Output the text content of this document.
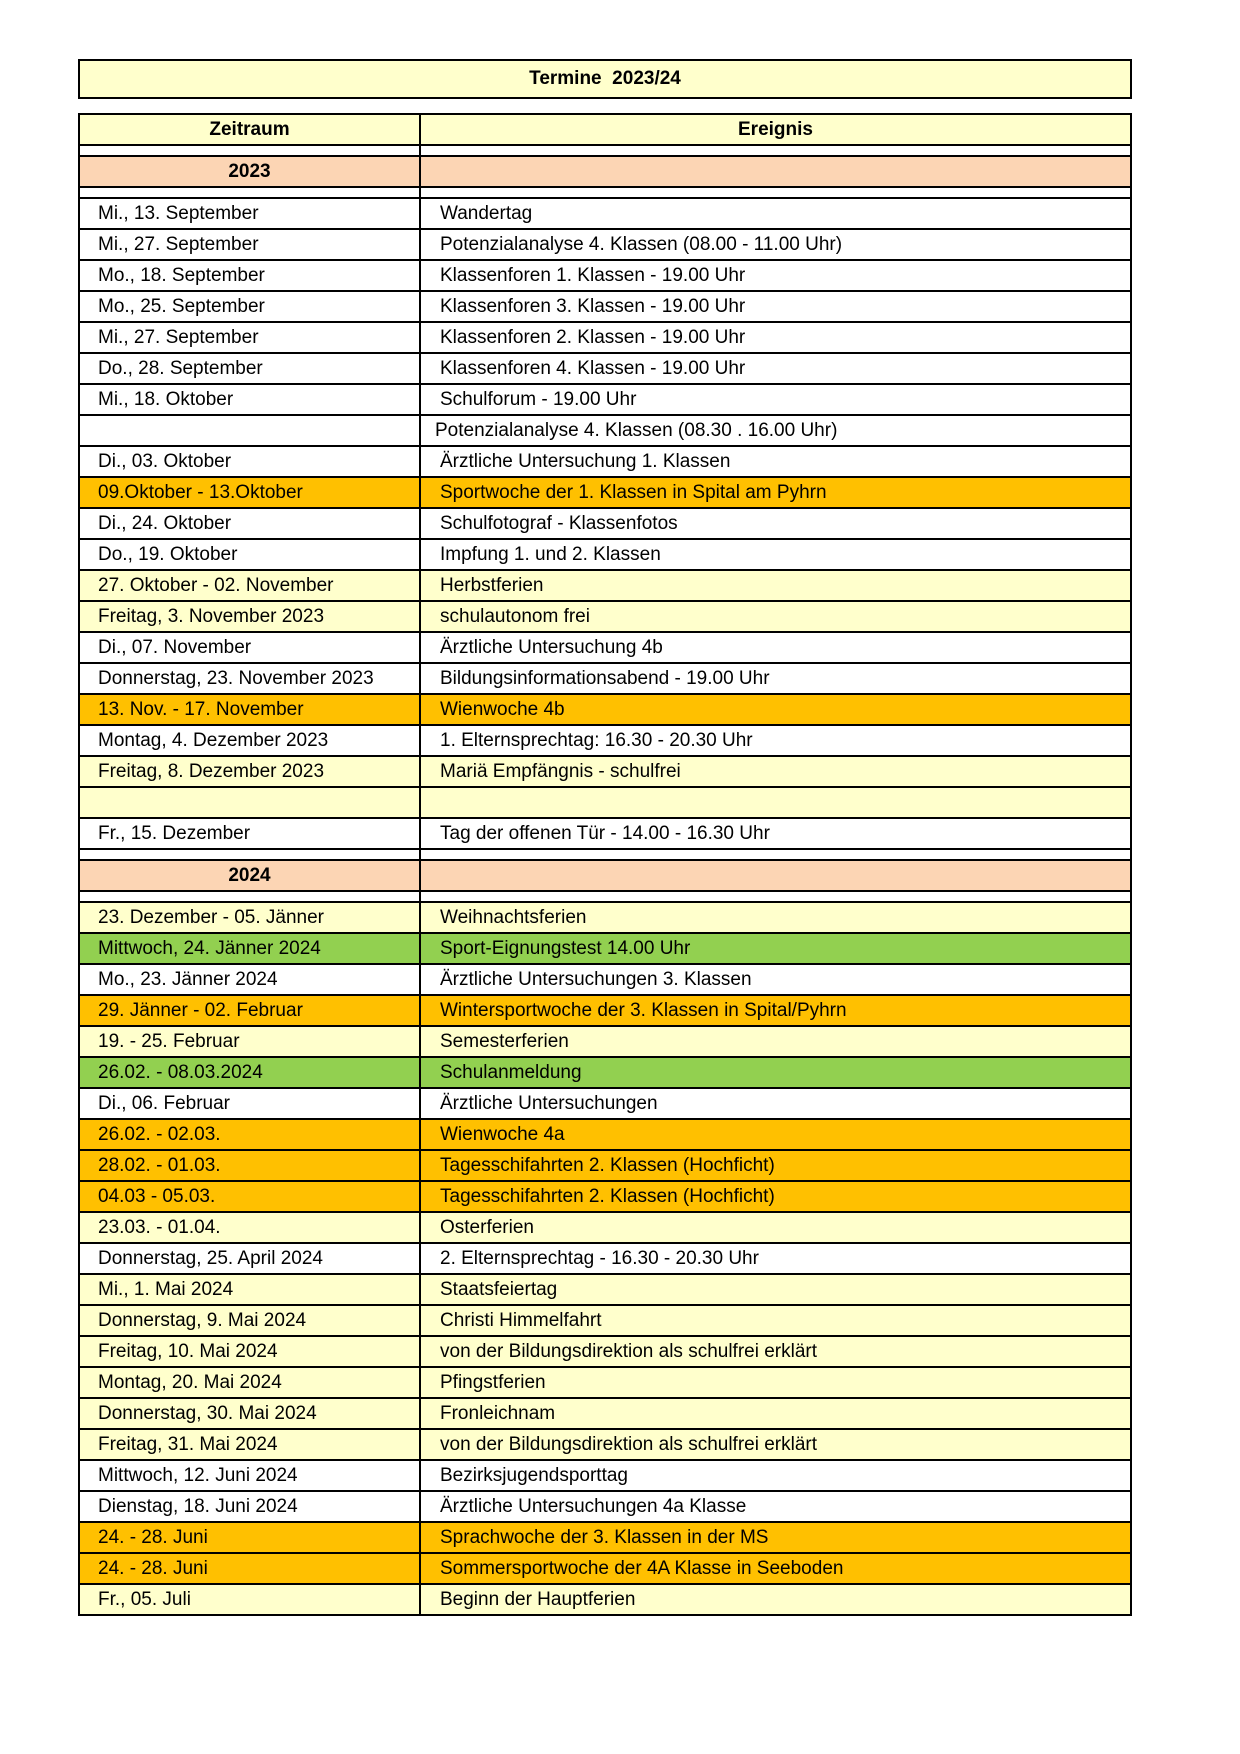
Termine  2023/24
Zeitraum	Ereignis

2023	

Mi., 13. September	Wandertag
Mi., 27. September	Potenzialanalyse 4. Klassen (08.00 - 11.00 Uhr)
Mo., 18. September	Klassenforen 1. Klassen - 19.00 Uhr
Mo., 25. September	Klassenforen 3. Klassen - 19.00 Uhr
Mi., 27. September	Klassenforen 2. Klassen - 19.00 Uhr
Do., 28. September	Klassenforen 4. Klassen - 19.00 Uhr
Mi., 18. Oktober	Schulforum - 19.00 Uhr
	Potenzialanalyse 4. Klassen (08.30 . 16.00 Uhr)
Di., 03. Oktober	Ärztliche Untersuchung 1. Klassen
09.Oktober - 13.Oktober	Sportwoche der 1. Klassen in Spital am Pyhrn
Di., 24. Oktober	Schulfotograf - Klassenfotos
Do., 19. Oktober	Impfung 1. und 2. Klassen
27. Oktober - 02. November	Herbstferien
Freitag, 3. November 2023	schulautonom frei
Di., 07. November	Ärztliche Untersuchung 4b
Donnerstag, 23. November 2023	Bildungsinformationsabend - 19.00 Uhr
13. Nov. - 17. November	Wienwoche 4b
Montag, 4. Dezember 2023	1. Elternsprechtag: 16.30 - 20.30 Uhr
Freitag, 8. Dezember 2023	Mariä Empfängnis - schulfrei

Fr., 15. Dezember	Tag der offenen Tür - 14.00 - 16.30 Uhr

2024	

23. Dezember - 05. Jänner	Weihnachtsferien
Mittwoch, 24. Jänner 2024	Sport-Eignungstest 14.00 Uhr
Mo., 23. Jänner 2024	Ärztliche Untersuchungen 3. Klassen
29. Jänner - 02. Februar	Wintersportwoche der 3. Klassen in Spital/Pyhrn
19. - 25. Februar	Semesterferien
26.02. - 08.03.2024	Schulanmeldung
Di., 06. Februar	Ärztliche Untersuchungen
26.02. - 02.03.	Wienwoche 4a
28.02. - 01.03.	Tagesschifahrten 2. Klassen (Hochficht)
04.03 - 05.03.	Tagesschifahrten 2. Klassen (Hochficht)
23.03. - 01.04.	Osterferien
Donnerstag, 25. April 2024	2. Elternsprechtag - 16.30 - 20.30 Uhr
Mi., 1. Mai 2024	Staatsfeiertag
Donnerstag, 9. Mai 2024	Christi Himmelfahrt
Freitag, 10. Mai 2024	von der Bildungsdirektion als schulfrei erklärt
Montag, 20. Mai 2024	Pfingstferien
Donnerstag, 30. Mai 2024	Fronleichnam
Freitag, 31. Mai 2024	von der Bildungsdirektion als schulfrei erklärt
Mittwoch, 12. Juni 2024	Bezirksjugendsporttag
Dienstag, 18. Juni 2024	Ärztliche Untersuchungen 4a Klasse
24. - 28. Juni	Sprachwoche der 3. Klassen in der MS
24. - 28. Juni	Sommersportwoche der 4A Klasse in Seeboden
Fr., 05. Juli	Beginn der Hauptferien
